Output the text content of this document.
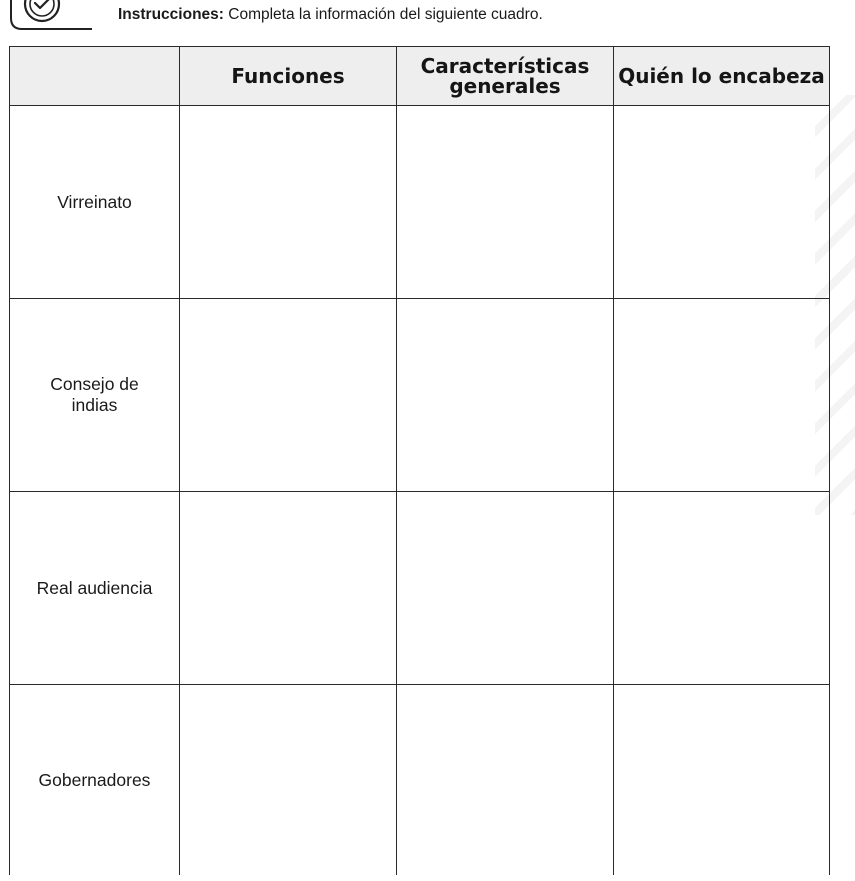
Instrucciones: Completa la información del siguiente cuadro.
	Funciones	Características generales	Quién lo encabeza
Virreinato			
Consejo de indias			
Real audiencia			
Gobernadores			
